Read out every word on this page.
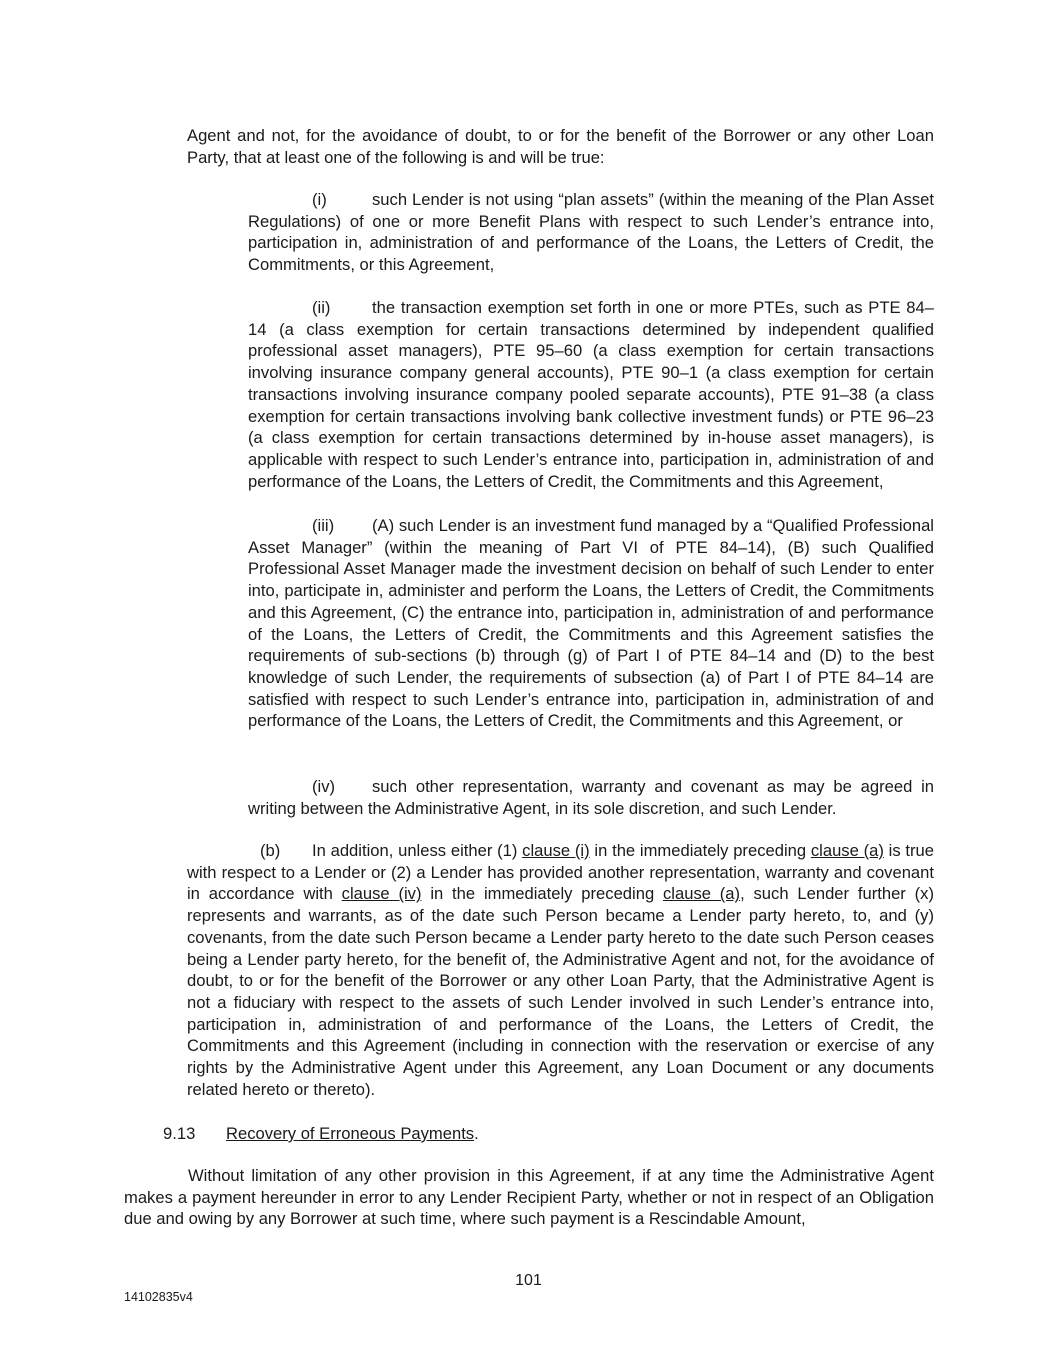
Agent and not, for the avoidance of doubt, to or for the benefit of the Borrower or any other Loan Party, that at least one of the following is and will be true:

(i)	such Lender is not using “plan assets” (within the meaning of the Plan Asset Regulations) of one or more Benefit Plans with respect to such Lender’s entrance into, participation in, administration of and performance of the Loans, the Letters of Credit, the Commitments, or this Agreement,

(ii)	the transaction exemption set forth in one or more PTEs, such as PTE 84–14 (a class exemption for certain transactions determined by independent qualified professional asset managers), PTE 95–60 (a class exemption for certain transactions involving insurance company general accounts), PTE 90–1 (a class exemption for certain transactions involving insurance company pooled separate accounts), PTE 91–38 (a class exemption for certain transactions involving bank collective investment funds) or PTE 96–23 (a class exemption for certain transactions determined by in-house asset managers), is applicable with respect to such Lender’s entrance into, participation in, administration of and performance of the Loans, the Letters of Credit, the Commitments and this Agreement,

(iii) (A) such Lender is an investment fund managed by a “Qualified Professional Asset Manager” (within the meaning of Part VI of PTE 84–14), (B) such Qualified Professional Asset Manager made the investment decision on behalf of such Lender to enter into, participate in, administer and perform the Loans, the Letters of Credit, the Commitments and this Agreement, (C) the entrance into, participation in, administration of and performance of the Loans, the Letters of Credit, the Commitments and this Agreement satisfies the requirements of sub-sections (b) through (g) of Part I of PTE 84–14 and (D) to the best knowledge of such Lender, the requirements of subsection (a) of Part I of PTE 84–14 are satisfied with respect to such Lender’s entrance into, participation in, administration of and performance of the Loans, the Letters of Credit, the Commitments and this Agreement, or

(iv) such other representation, warranty and covenant as may be agreed in writing between the Administrative Agent, in its sole discretion, and such Lender.

(b) In addition, unless either (1) clause (i) in the immediately preceding clause (a) is true with respect to a Lender or (2) a Lender has provided another representation, warranty and covenant in accordance with clause (iv) in the immediately preceding clause (a), such Lender further (x) represents and warrants, as of the date such Person became a Lender party hereto, to, and (y) covenants, from the date such Person became a Lender party hereto to the date such Person ceases being a Lender party hereto, for the benefit of, the Administrative Agent and not, for the avoidance of doubt, to or for the benefit of the Borrower or any other Loan Party, that the Administrative Agent is not a fiduciary with respect to the assets of such Lender involved in such Lender’s entrance into, participation in, administration of and performance of the Loans, the Letters of Credit, the Commitments and this Agreement (including in connection with the reservation or exercise of any rights by the Administrative Agent under this Agreement, any Loan Document or any documents related hereto or thereto).

9.13 Recovery of Erroneous Payments.

Without limitation of any other provision in this Agreement, if at any time the Administrative Agent makes a payment hereunder in error to any Lender Recipient Party, whether or not in respect of an Obligation due and owing by any Borrower at such time, where such payment is a Rescindable Amount,

101
14102835v4
